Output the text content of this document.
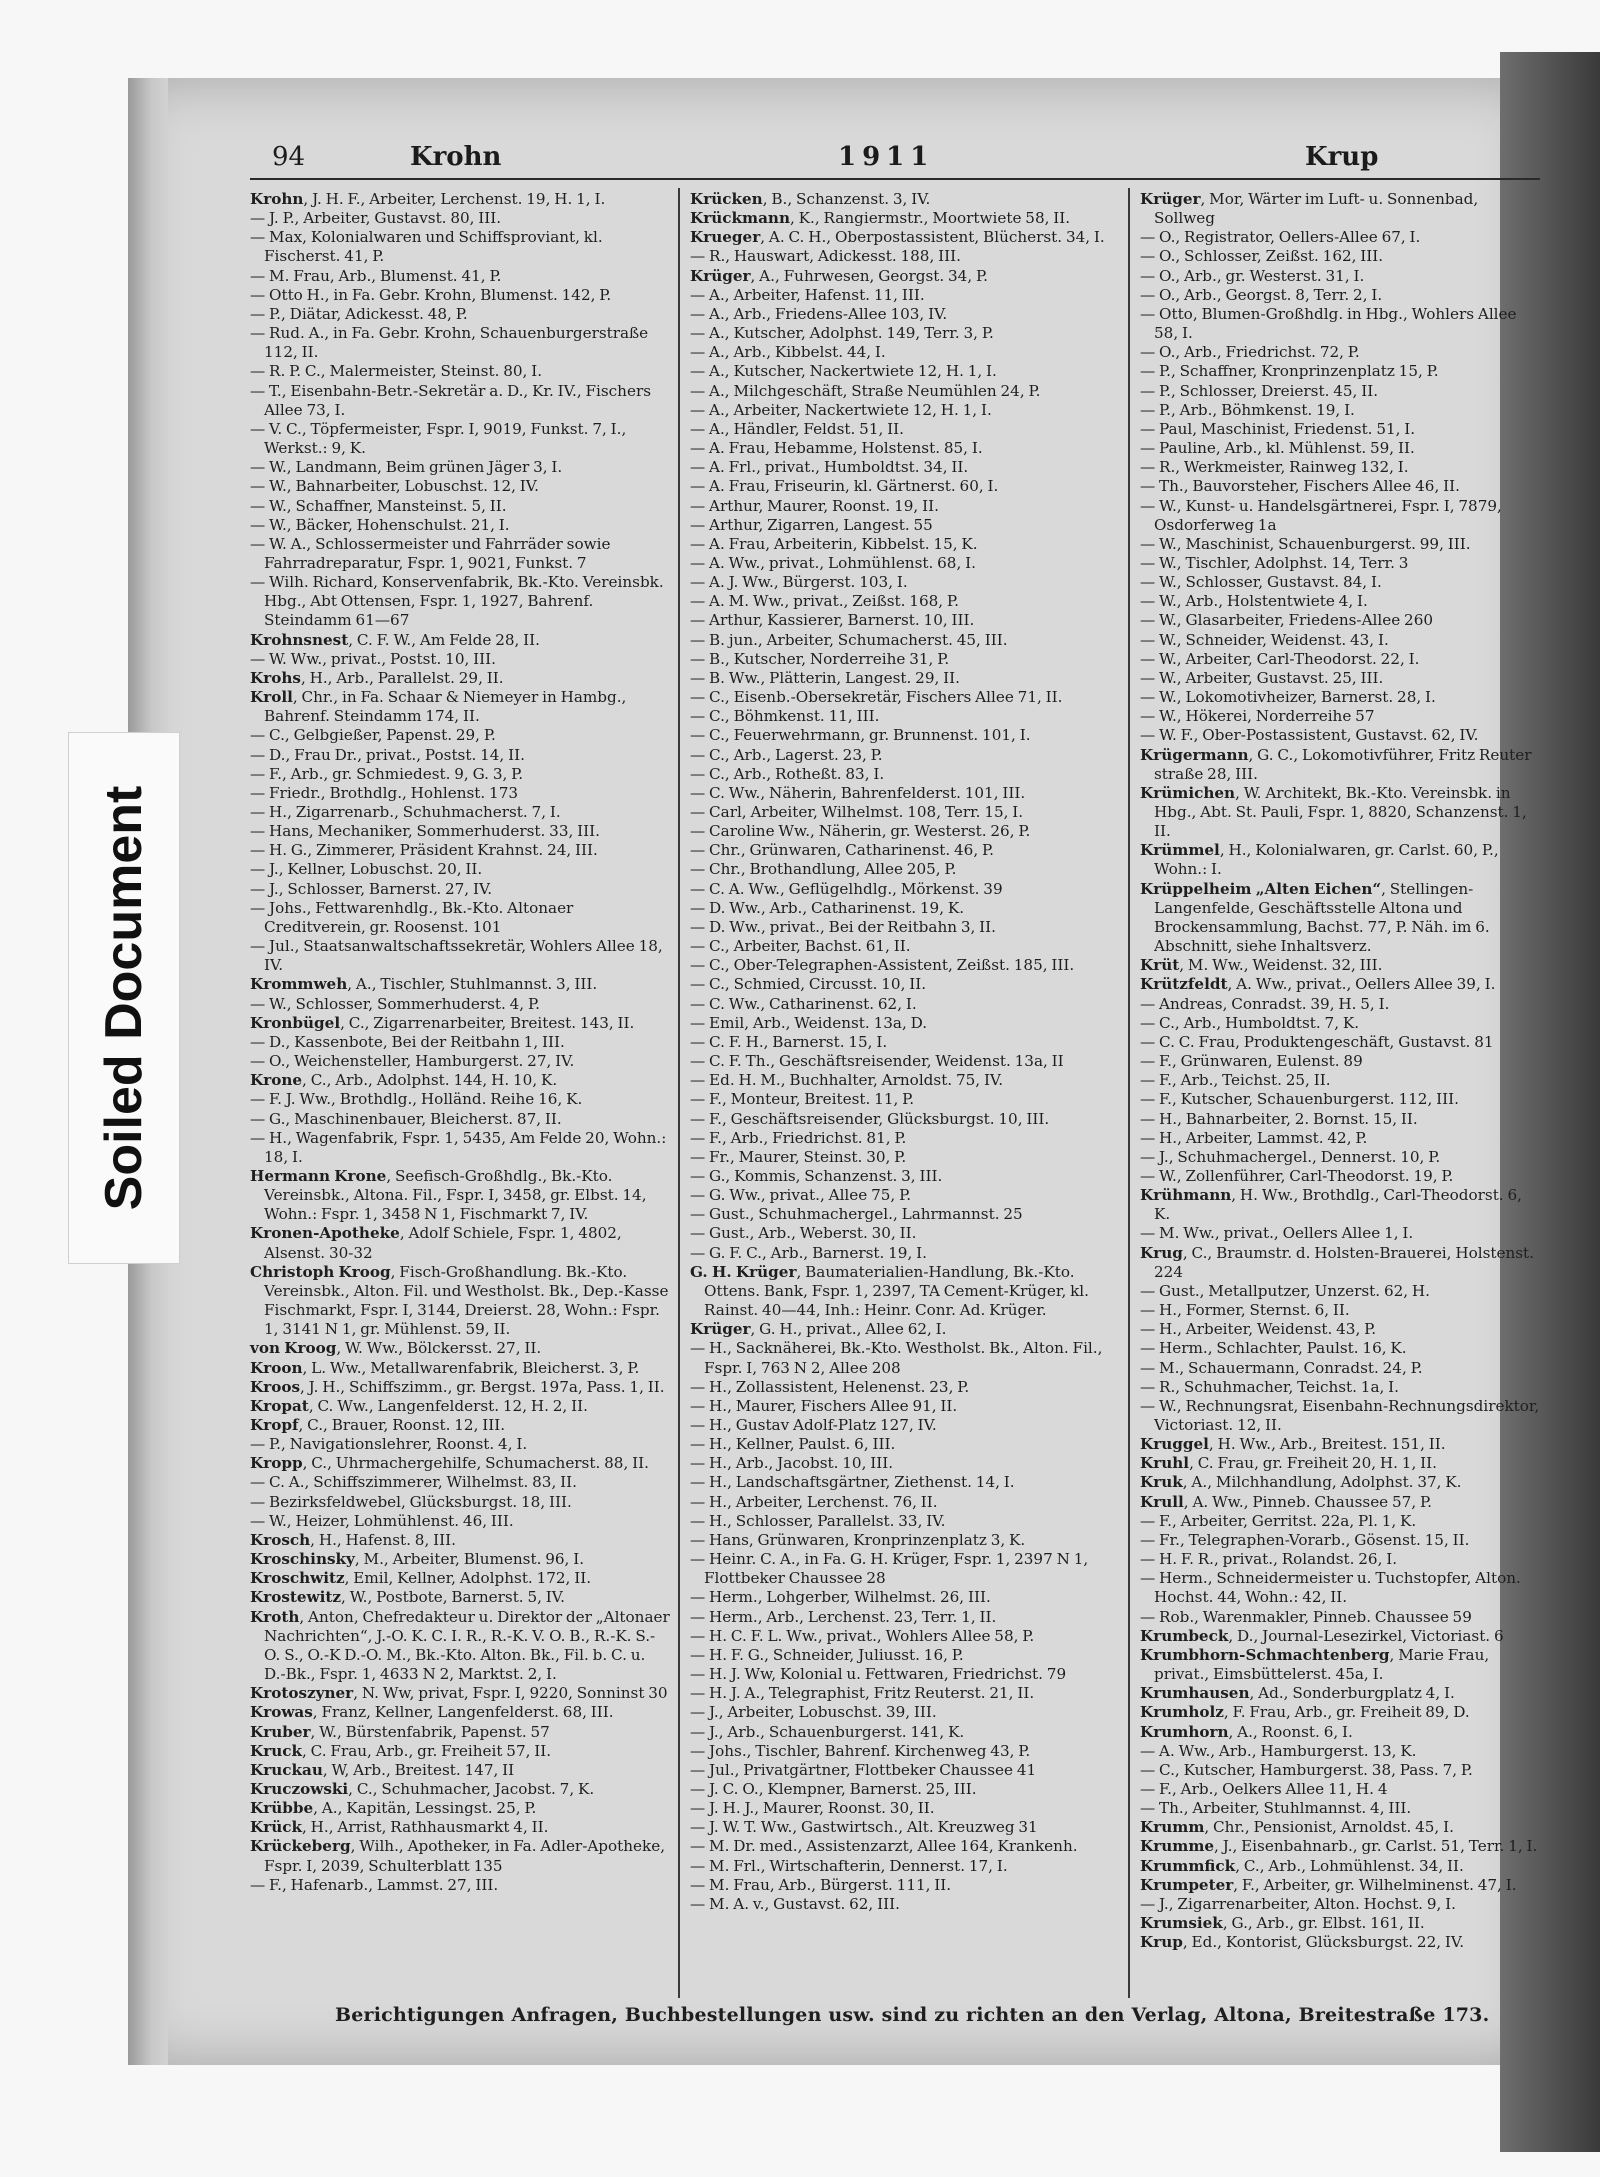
94	Krohn	1911	Krup
Krohn, J. H. F., Arbeiter, Lerchenst. 19, H. 1, I.
— J. P., Arbeiter, Gustavst. 80, III.
— Max, Kolonialwaren und Schiffsproviant, kl. Fischerst. 41, P.
— M. Frau, Arb., Blumenst. 41, P.
— Otto H., in Fa. Gebr. Krohn, Blumenst. 142, P.
— P., Diätar, Adickesst. 48, P.
— Rud. A., in Fa. Gebr. Krohn, Schauenburgerstraße 112, II.
— R. P. C., Malermeister, Steinst. 80, I.
— T., Eisenbahn-Betr.-Sekretär a. D., Kr. IV., Fischers Allee 73, I.
— V. C., Töpfermeister, Fspr. I, 9019, Funkst. 7, I., Werkst.: 9, K.
— W., Landmann, Beim grünen Jäger 3, I.
— W., Bahnarbeiter, Lobuschst. 12, IV.
— W., Schaffner, Mansteinst. 5, II.
— W., Bäcker, Hohenschulst. 21, I.
— W. A., Schlossermeister und Fahrräder sowie Fahrradreparatur, Fspr. 1, 9021, Funkst. 7
— Wilh. Richard, Konservenfabrik, Bk.-Kto. Vereinsbk. Hbg., Abt Ottensen, Fspr. 1, 1927, Bahrenf. Steindamm 61—67
Krohnsnest, C. F. W., Am Felde 28, II.
— W. Ww., privat., Postst. 10, III.
Krohs, H., Arb., Parallelst. 29, II.
Kroll, Chr., in Fa. Schaar & Niemeyer in Hambg., Bahrenf. Steindamm 174, II.
— C., Gelbgießer, Papenst. 29, P.
— D., Frau Dr., privat., Postst. 14, II.
— F., Arb., gr. Schmiedest. 9, G. 3, P.
— Friedr., Brothdlg., Hohlenst. 173
— H., Zigarrenarb., Schuhmacherst. 7, I.
— Hans, Mechaniker, Sommerhuderst. 33, III.
— H. G., Zimmerer, Präsident Krahnst. 24, III.
— J., Kellner, Lobuschst. 20, II.
— J., Schlosser, Barnerst. 27, IV.
— Johs., Fettwarenhdlg., Bk.-Kto. Altonaer Creditverein, gr. Roosenst. 101
— Jul., Staatsanwaltschaftssekretär, Wohlers Allee 18, IV.
Krommweh, A., Tischler, Stuhlmannst. 3, III.
— W., Schlosser, Sommerhuderst. 4, P.
Kronbügel, C., Zigarrenarbeiter, Breitest. 143, II.
— D., Kassenbote, Bei der Reitbahn 1, III.
— O., Weichensteller, Hamburgerst. 27, IV.
Krone, C., Arb., Adolphst. 144, H. 10, K.
— F. J. Ww., Brothdlg., Holländ. Reihe 16, K.
— G., Maschinenbauer, Bleicherst. 87, II.
— H., Wagenfabrik, Fspr. 1, 5435, Am Felde 20, Wohn.: 18, I.
Hermann Krone, Seefisch-Großhdlg., Bk.-Kto. Vereinsbk., Altona. Fil., Fspr. I, 3458, gr. Elbst. 14, Wohn.: Fspr. 1, 3458 N 1, Fischmarkt 7, IV.
Kronen-Apotheke, Adolf Schiele, Fspr. 1, 4802, Alsenst. 30-32
Christoph Kroog, Fisch-Großhandlung. Bk.-Kto. Vereinsbk., Alton. Fil. und Westholst. Bk., Dep.-Kasse Fischmarkt, Fspr. I, 3144, Dreierst. 28, Wohn.: Fspr. 1, 3141 N 1, gr. Mühlenst. 59, II.
von Kroog, W. Ww., Bölckersst. 27, II.
Kroon, L. Ww., Metallwarenfabrik, Bleicherst. 3, P.
Kroos, J. H., Schiffszimm., gr. Bergst. 197a, Pass. 1, II.
Kropat, C. Ww., Langenfelderst. 12, H. 2, II.
Kropf, C., Brauer, Roonst. 12, III.
— P., Navigationslehrer, Roonst. 4, I.
Kropp, C., Uhrmachergehilfe, Schumacherst. 88, II.
— C. A., Schiffszimmerer, Wilhelmst. 83, II.
— Bezirksfeldwebel, Glücksburgst. 18, III.
— W., Heizer, Lohmühlenst. 46, III.
Krosch, H., Hafenst. 8, III.
Kroschinsky, M., Arbeiter, Blumenst. 96, I.
Kroschwitz, Emil, Kellner, Adolphst. 172, II.
Krostewitz, W., Postbote, Barnerst. 5, IV.
Kroth, Anton, Chefredakteur u. Direktor der „Altonaer Nachrichten“, J.-O. K. C. I. R., R.-K. V. O. B., R.-K. S.-O. S., O.-K D.-O. M., Bk.-Kto. Alton. Bk., Fil. b. C. u. D.-Bk., Fspr. 1, 4633 N 2, Marktst. 2, I.
Krotoszyner, N. Ww, privat, Fspr. I, 9220, Sonninst 30
Krowas, Franz, Kellner, Langenfelderst. 68, III.
Kruber, W., Bürstenfabrik, Papenst. 57
Kruck, C. Frau, Arb., gr. Freiheit 57, II.
Kruckau, W, Arb., Breitest. 147, II
Kruczowski, C., Schuhmacher, Jacobst. 7, K.
Krübbe, A., Kapitän, Lessingst. 25, P.
Krück, H., Arrist, Rathhausmarkt 4, II.
Krückeberg, Wilh., Apotheker, in Fa. Adler-Apotheke, Fspr. I, 2039, Schulterblatt 135
— F., Hafenarb., Lammst. 27, III.
Krücken, B., Schanzenst. 3, IV.
Krückmann, K., Rangiermstr., Moortwiete 58, II.
Krueger, A. C. H., Oberpostassistent, Blücherst. 34, I.
— R., Hauswart, Adickesst. 188, III.
Krüger, A., Fuhrwesen, Georgst. 34, P.
— A., Arbeiter, Hafenst. 11, III.
— A., Arb., Friedens-Allee 103, IV.
— A., Kutscher, Adolphst. 149, Terr. 3, P.
— A., Arb., Kibbelst. 44, I.
— A., Kutscher, Nackertwiete 12, H. 1, I.
— A., Milchgeschäft, Straße Neumühlen 24, P.
— A., Arbeiter, Nackertwiete 12, H. 1, I.
— A., Händler, Feldst. 51, II.
— A. Frau, Hebamme, Holstenst. 85, I.
— A. Frl., privat., Humboldtst. 34, II.
— A. Frau, Friseurin, kl. Gärtnerst. 60, I.
— Arthur, Maurer, Roonst. 19, II.
— Arthur, Zigarren, Langest. 55
— A. Frau, Arbeiterin, Kibbelst. 15, K.
— A. Ww., privat., Lohmühlenst. 68, I.
— A. J. Ww., Bürgerst. 103, I.
— A. M. Ww., privat., Zeißst. 168, P.
— Arthur, Kassierer, Barnerst. 10, III.
— B. jun., Arbeiter, Schumacherst. 45, III.
— B., Kutscher, Norderreihe 31, P.
— B. Ww., Plätterin, Langest. 29, II.
— C., Eisenb.-Obersekretär, Fischers Allee 71, II.
— C., Böhmkenst. 11, III.
— C., Feuerwehrmann, gr. Brunnenst. 101, I.
— C., Arb., Lagerst. 23, P.
— C., Arb., Rotheßt. 83, I.
— C. Ww., Näherin, Bahrenfelderst. 101, III.
— Carl, Arbeiter, Wilhelmst. 108, Terr. 15, I.
— Caroline Ww., Näherin, gr. Westerst. 26, P.
— Chr., Grünwaren, Catharinenst. 46, P.
— Chr., Brothandlung, Allee 205, P.
— C. A. Ww., Geflügelhdlg., Mörkenst. 39
— D. Ww., Arb., Catharinenst. 19, K.
— D. Ww., privat., Bei der Reitbahn 3, II.
— C., Arbeiter, Bachst. 61, II.
— C., Ober-Telegraphen-Assistent, Zeißst. 185, III.
— C., Schmied, Circusst. 10, II.
— C. Ww., Catharinenst. 62, I.
— Emil, Arb., Weidenst. 13a, D.
— C. F. H., Barnerst. 15, I.
— C. F. Th., Geschäftsreisender, Weidenst. 13a, II
— Ed. H. M., Buchhalter, Arnoldst. 75, IV.
— F., Monteur, Breitest. 11, P.
— F., Geschäftsreisender, Glücksburgst. 10, III.
— F., Arb., Friedrichst. 81, P.
— Fr., Maurer, Steinst. 30, P.
— G., Kommis, Schanzenst. 3, III.
— G. Ww., privat., Allee 75, P.
— Gust., Schuhmachergel., Lahrmannst. 25
— Gust., Arb., Weberst. 30, II.
— G. F. C., Arb., Barnerst. 19, I.
G. H. Krüger, Baumaterialien-Handlung, Bk.-Kto. Ottens. Bank, Fspr. 1, 2397, TA Cement-Krüger, kl. Rainst. 40—44, Inh.: Heinr. Conr. Ad. Krüger.
Krüger, G. H., privat., Allee 62, I.
— H., Sacknäherei, Bk.-Kto. Westholst. Bk., Alton. Fil., Fspr. I, 763 N 2, Allee 208
— H., Zollassistent, Helenenst. 23, P.
— H., Maurer, Fischers Allee 91, II.
— H., Gustav Adolf-Platz 127, IV.
— H., Kellner, Paulst. 6, III.
— H., Arb., Jacobst. 10, III.
— H., Landschaftsgärtner, Ziethenst. 14, I.
— H., Arbeiter, Lerchenst. 76, II.
— H., Schlosser, Parallelst. 33, IV.
— Hans, Grünwaren, Kronprinzenplatz 3, K.
— Heinr. C. A., in Fa. G. H. Krüger, Fspr. 1, 2397 N 1, Flottbeker Chaussee 28
— Herm., Lohgerber, Wilhelmst. 26, III.
— Herm., Arb., Lerchenst. 23, Terr. 1, II.
— H. C. F. L. Ww., privat., Wohlers Allee 58, P.
— H. F. G., Schneider, Juliusst. 16, P.
— H. J. Ww, Kolonial u. Fettwaren, Friedrichst. 79
— H. J. A., Telegraphist, Fritz Reuterst. 21, II.
— J., Arbeiter, Lobuschst. 39, III.
— J., Arb., Schauenburgerst. 141, K.
— Johs., Tischler, Bahrenf. Kirchenweg 43, P.
— Jul., Privatgärtner, Flottbeker Chaussee 41
— J. C. O., Klempner, Barnerst. 25, III.
— J. H. J., Maurer, Roonst. 30, II.
— J. W. T. Ww., Gastwirtsch., Alt. Kreuzweg 31
— M. Dr. med., Assistenzarzt, Allee 164, Krankenh.
— M. Frl., Wirtschafterin, Dennerst. 17, I.
— M. Frau, Arb., Bürgerst. 111, II.
— M. A. v., Gustavst. 62, III.
Krüger, Mor, Wärter im Luft- u. Sonnenbad, Sollweg
— O., Registrator, Oellers-Allee 67, I.
— O., Schlosser, Zeißst. 162, III.
— O., Arb., gr. Westerst. 31, I.
— O., Arb., Georgst. 8, Terr. 2, I.
— Otto, Blumen-Großhdlg. in Hbg., Wohlers Allee 58, I.
— O., Arb., Friedrichst. 72, P.
— P., Schaffner, Kronprinzenplatz 15, P.
— P., Schlosser, Dreierst. 45, II.
— P., Arb., Böhmkenst. 19, I.
— Paul, Maschinist, Friedenst. 51, I.
— Pauline, Arb., kl. Mühlenst. 59, II.
— R., Werkmeister, Rainweg 132, I.
— Th., Bauvorsteher, Fischers Allee 46, II.
— W., Kunst- u. Handelsgärtnerei, Fspr. I, 7879, Osdorferweg 1a
— W., Maschinist, Schauenburgerst. 99, III.
— W., Tischler, Adolphst. 14, Terr. 3
— W., Schlosser, Gustavst. 84, I.
— W., Arb., Holstentwiete 4, I.
— W., Glasarbeiter, Friedens-Allee 260
— W., Schneider, Weidenst. 43, I.
— W., Arbeiter, Carl-Theodorst. 22, I.
— W., Arbeiter, Gustavst. 25, III.
— W., Lokomotivheizer, Barnerst. 28, I.
— W., Hökerei, Norderreihe 57
— W. F., Ober-Postassistent, Gustavst. 62, IV.
Krügermann, G. C., Lokomotivführer, Fritz Reuter straße 28, III.
Krümichen, W. Architekt, Bk.-Kto. Vereinsbk. in Hbg., Abt. St. Pauli, Fspr. 1, 8820, Schanzenst. 1, II.
Krümmel, H., Kolonialwaren, gr. Carlst. 60, P., Wohn.: I.
Krüppelheim „Alten Eichen“, Stellingen-Langenfelde, Geschäftsstelle Altona und Brockensammlung, Bachst. 77, P. Näh. im 6. Abschnitt, siehe Inhaltsverz.
Krüt, M. Ww., Weidenst. 32, III.
Krützfeldt, A. Ww., privat., Oellers Allee 39, I.
— Andreas, Conradst. 39, H. 5, I.
— C., Arb., Humboldtst. 7, K.
— C. C. Frau, Produktengeschäft, Gustavst. 81
— F., Grünwaren, Eulenst. 89
— F., Arb., Teichst. 25, II.
— F., Kutscher, Schauenburgerst. 112, III.
— H., Bahnarbeiter, 2. Bornst. 15, II.
— H., Arbeiter, Lammst. 42, P.
— J., Schuhmachergel., Dennerst. 10, P.
— W., Zollenführer, Carl-Theodorst. 19, P.
Krühmann, H. Ww., Brothdlg., Carl-Theodorst. 6, K.
— M. Ww., privat., Oellers Allee 1, I.
Krug, C., Braumstr. d. Holsten-Brauerei, Holstenst. 224
— Gust., Metallputzer, Unzerst. 62, H.
— H., Former, Sternst. 6, II.
— H., Arbeiter, Weidenst. 43, P.
— Herm., Schlachter, Paulst. 16, K.
— M., Schauermann, Conradst. 24, P.
— R., Schuhmacher, Teichst. 1a, I.
— W., Rechnungsrat, Eisenbahn-Rechnungsdirektor, Victoriast. 12, II.
Kruggel, H. Ww., Arb., Breitest. 151, II.
Kruhl, C. Frau, gr. Freiheit 20, H. 1, II.
Kruk, A., Milchhandlung, Adolphst. 37, K.
Krull, A. Ww., Pinneb. Chaussee 57, P.
— F., Arbeiter, Gerritst. 22a, Pl. 1, K.
— Fr., Telegraphen-Vorarb., Gösenst. 15, II.
— H. F. R., privat., Rolandst. 26, I.
— Herm., Schneidermeister u. Tuchstopfer, Alton. Hochst. 44, Wohn.: 42, II.
— Rob., Warenmakler, Pinneb. Chaussee 59
Krumbeck, D., Journal-Lesezirkel, Victoriast. 6
Krumbhorn-Schmachtenberg, Marie Frau, privat., Eimsbüttelerst. 45a, I.
Krumhausen, Ad., Sonderburgplatz 4, I.
Krumholz, F. Frau, Arb., gr. Freiheit 89, D.
Krumhorn, A., Roonst. 6, I.
— A. Ww., Arb., Hamburgerst. 13, K.
— C., Kutscher, Hamburgerst. 38, Pass. 7, P.
— F., Arb., Oelkers Allee 11, H. 4
— Th., Arbeiter, Stuhlmannst. 4, III.
Krumm, Chr., Pensionist, Arnoldst. 45, I.
Krumme, J., Eisenbahnarb., gr. Carlst. 51, Terr. 1, I.
Krummfick, C., Arb., Lohmühlenst. 34, II.
Krumpeter, F., Arbeiter, gr. Wilhelminenst. 47, I.
— J., Zigarrenarbeiter, Alton. Hochst. 9, I.
Krumsiek, G., Arb., gr. Elbst. 161, II.
Krup, Ed., Kontorist, Glücksburgst. 22, IV.
Berichtigungen Anfragen, Buchbestellungen usw. sind zu richten an den Verlag, Altona, Breitestraße 173.
Soiled Document
